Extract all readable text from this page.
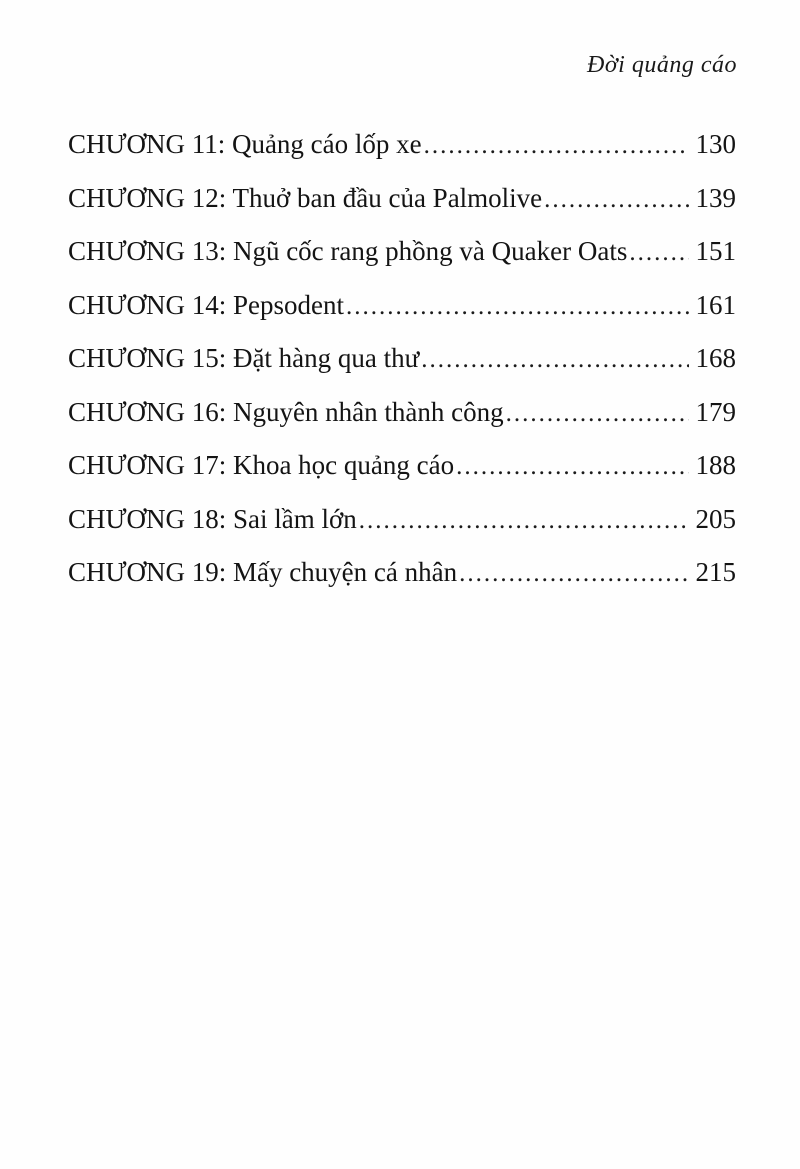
Đời quảng cáo
CHƯƠNG 11: Quảng cáo lốp xe .....	130
CHƯƠNG 12: Thuở ban đầu của Palmolive .....	139
CHƯƠNG 13: Ngũ cốc rang phồng và Quaker Oats .....	151
CHƯƠNG 14: Pepsodent .....	161
CHƯƠNG 15: Đặt hàng qua thư .....	168
CHƯƠNG 16: Nguyên nhân thành công .....	179
CHƯƠNG 17: Khoa học quảng cáo .....	188
CHƯƠNG 18: Sai lầm lớn .....	205
CHƯƠNG 19: Mấy chuyện cá nhân .....	215
